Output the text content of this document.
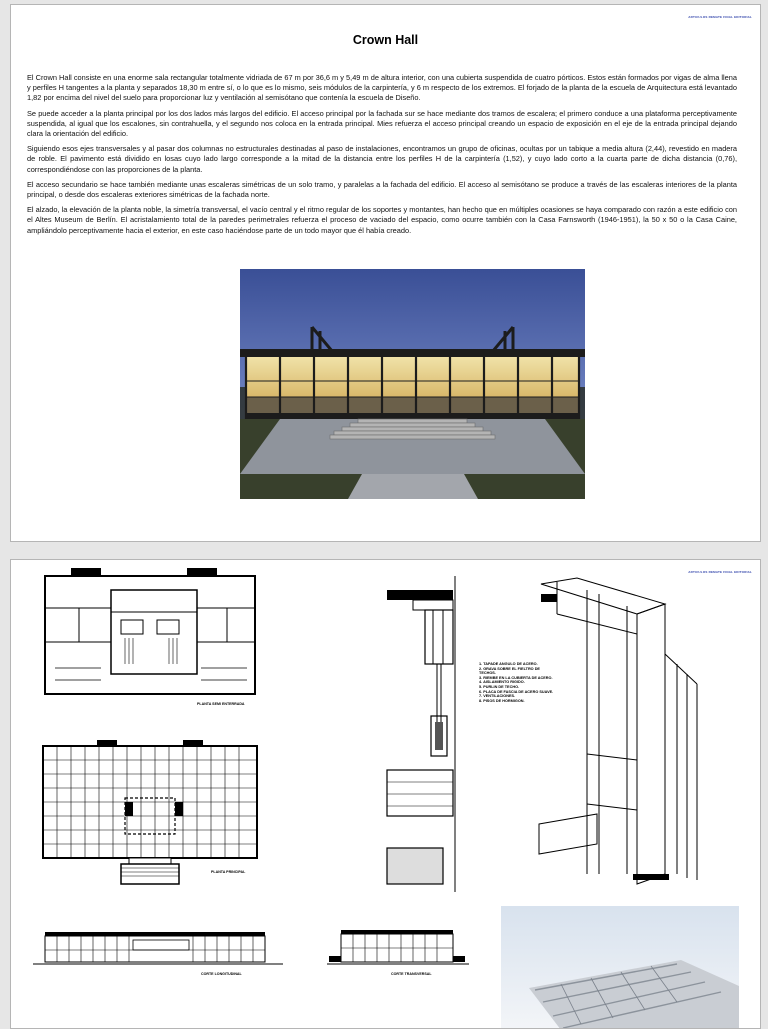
ARTICULOS REMATE FINAL EDITORIAL
Crown Hall

El Crown Hall consiste en una enorme sala rectangular totalmente vidriada de 67 m por 36,6 m y 5,49 m de altura interior, con una cubierta suspendida de cuatro pórticos. Estos están formados por vigas de alma llena y perfiles H tangentes a la planta y separados 18,30 m entre sí, o lo que es lo mismo, seis módulos de la carpintería, y 6 m respecto de los extremos. El forjado de la planta de la escuela de Arquitectura está levantado 1,82 por encima del nivel del suelo para proporcionar luz y ventilación al semisótano que contenía la escuela de Diseño.

Se puede acceder a la planta principal por los dos lados más largos del edificio. El acceso principal por la fachada sur se hace mediante dos tramos de escalera; el primero conduce a una plataforma perceptivamente suspendida, al igual que los escalones, sin contrahuella, y el segundo nos coloca en la entrada principal. Mies refuerza el acceso principal creando un espacio de exposición en el eje de la entrada principal dejando clara la orientación del edificio.

Siguiendo esos ejes transversales y al pasar dos columnas no estructurales destinadas al paso de instalaciones, encontramos un grupo de oficinas, ocultas por un tabique a media altura (2,44), revestido en madera de roble. El pavimento está dividido en losas cuyo lado largo corresponde a la mitad de la distancia entre los perfiles H de la carpintería (1,52), y cuyo lado corto a la cuarta parte de dicha distancia (0,76), correspondiéndose con las proporciones de la planta.

El acceso secundario se hace también mediante unas escaleras simétricas de un solo tramo, y paralelas a la fachada del edificio. El acceso al semisótano se produce a través de las escaleras interiores de la planta principal, o desde dos escaleras exteriores simétricas de la fachada norte.

El alzado, la elevación de la planta noble, la simetría transversal, el vacío central y el ritmo regular de los soportes y montantes, han hecho que en múltiples ocasiones se haya comparado con razón a este edificio con el Altes Museum de Berlín. El acristalamiento total de la paredes perimetrales refuerza el proceso de vaciado del espacio, como ocurre también con la Casa Farnsworth (1946-1951), la 50 x 50 o la Casa Caine, ampliándolo perceptivamente hacia el exterior, en este caso haciéndose parte de un todo mayor que él había creado.

ARTICULOS REMATE FINAL EDITORIAL
PLANTA SEMI ENTERRADA
PLANTA PRINCIPAL
CORTE LONGITUDINAL	CORTE TRANSVERSAL
1. TAPADE ANGULO DE ACERO.
2. GRAVA SOBRE EL FIELTRO DE
TECHOS.
3. RIEMBE EN LA CUBIERTA DE ACERO.
4. AISLAMIENTO RIGIDO.
5. PURLIN DE TECHO.
6. PLACA DE FASCIA DE ACERO SUAVE.
7. VENTILACIONES.
8. PISOS DE HORMIGON.
